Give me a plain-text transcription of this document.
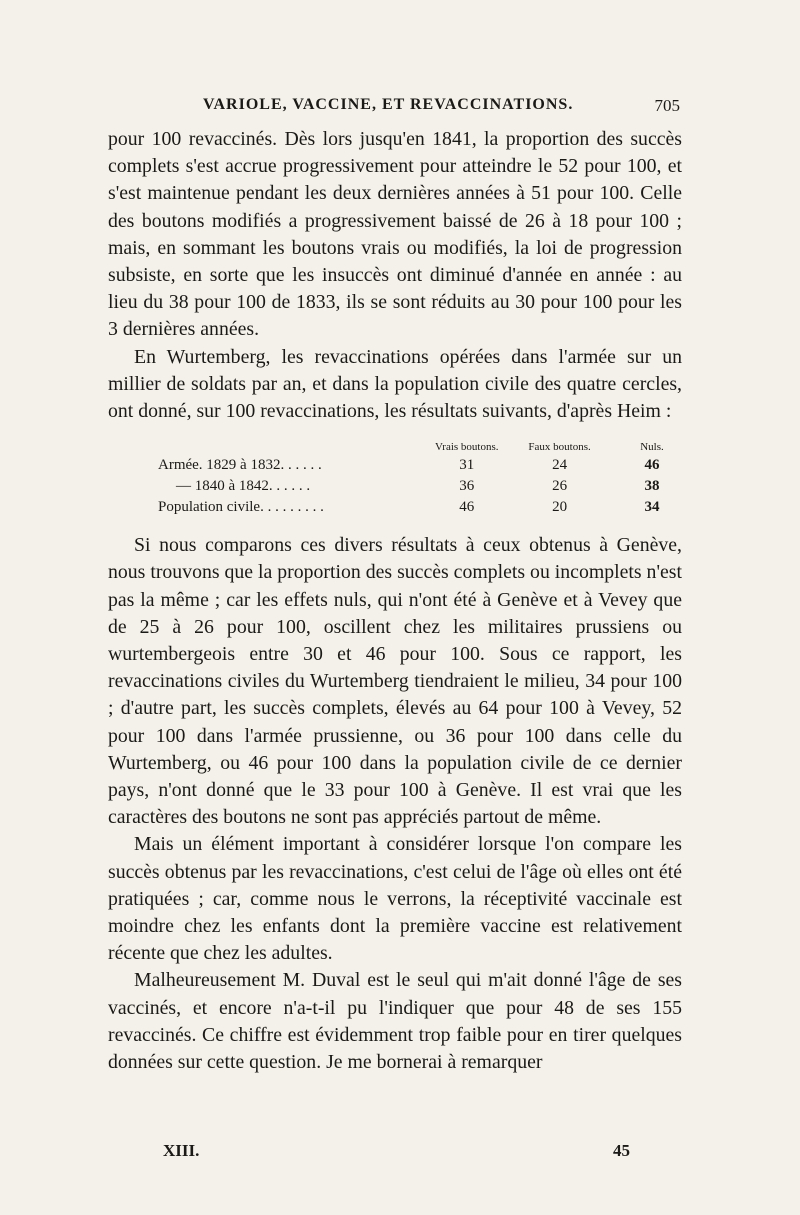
VARIOLE, VACCINE, ET REVACCINATIONS.	705

pour 100 revaccinés. Dès lors jusqu'en 1841, la proportion des succès complets s'est accrue progressivement pour atteindre le 52 pour 100, et s'est maintenue pendant les deux dernières années à 51 pour 100. Celle des boutons modifiés a progressivement baissé de 26 à 18 pour 100 ; mais, en sommant les boutons vrais ou modifiés, la loi de progression subsiste, en sorte que les insuccès ont diminué d'année en année : au lieu du 38 pour 100 de 1833, ils se sont réduits au 30 pour 100 pour les 3 dernières années.

En Wurtemberg, les revaccinations opérées dans l'armée sur un millier de soldats par an, et dans la population civile des quatre cercles, ont donné, sur 100 revaccinations, les résultats suivants, d'après Heim :

	Vrais boutons.	Faux boutons.	Nuls.
Armée. 1829 à 1832. . . . . .	31	24	46
— 1840 à 1842. . . . . .	36	26	38
Population civile. . . . . . . . .	46	20	34

Si nous comparons ces divers résultats à ceux obtenus à Genève, nous trouvons que la proportion des succès complets ou incomplets n'est pas la même ; car les effets nuls, qui n'ont été à Genève et à Vevey que de 25 à 26 pour 100, oscillent chez les militaires prussiens ou wurtembergeois entre 30 et 46 pour 100. Sous ce rapport, les revaccinations civiles du Wurtemberg tiendraient le milieu, 34 pour 100 ; d'autre part, les succès complets, élevés au 64 pour 100 à Vevey, 52 pour 100 dans l'armée prussienne, ou 36 pour 100 dans celle du Wurtemberg, ou 46 pour 100 dans la population civile de ce dernier pays, n'ont donné que le 33 pour 100 à Genève. Il est vrai que les caractères des boutons ne sont pas appréciés partout de même.

Mais un élément important à considérer lorsque l'on compare les succès obtenus par les revaccinations, c'est celui de l'âge où elles ont été pratiquées ; car, comme nous le verrons, la réceptivité vaccinale est moindre chez les enfants dont la première vaccine est relativement récente que chez les adultes.

Malheureusement M. Duval est le seul qui m'ait donné l'âge de ses vaccinés, et encore n'a-t-il pu l'indiquer que pour 48 de ses 155 revaccinés. Ce chiffre est évidemment trop faible pour en tirer quelques données sur cette question. Je me bornerai à remarquer

XIII.	45
